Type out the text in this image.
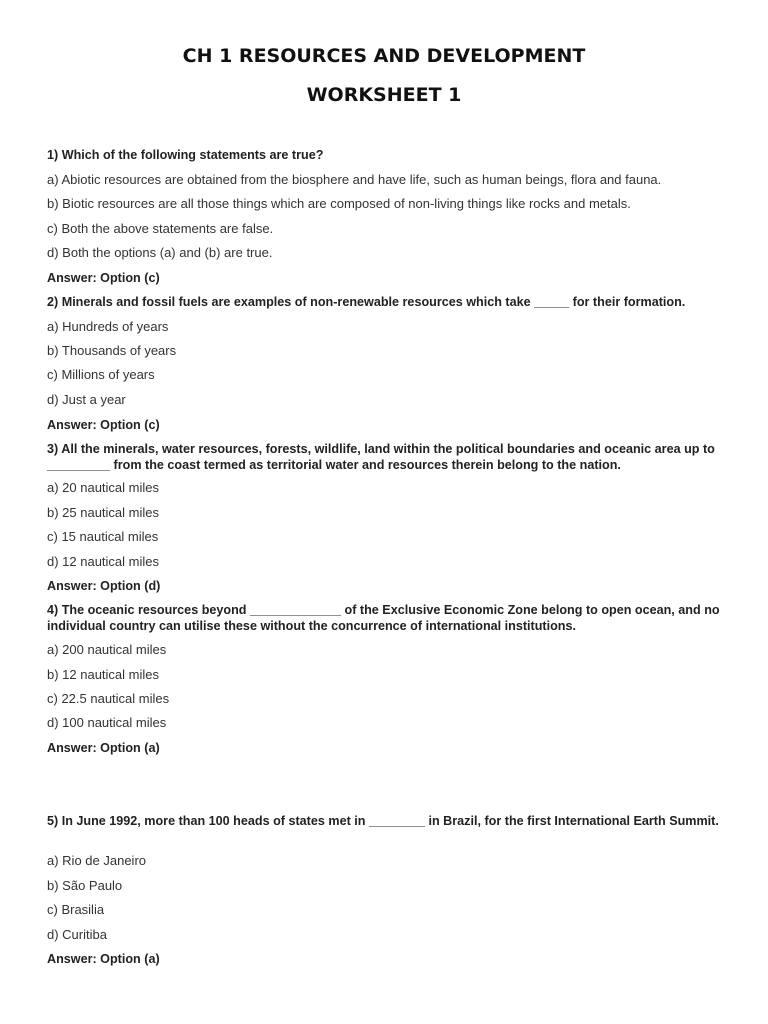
CH 1 RESOURCES AND DEVELOPMENT
WORKSHEET 1
1) Which of the following statements are true?
a) Abiotic resources are obtained from the biosphere and have life, such as human beings, flora and fauna.
b) Biotic resources are all those things which are composed of non-living things like rocks and metals.
c) Both the above statements are false.
d) Both the options (a) and (b) are true.
Answer: Option (c)
2) Minerals and fossil fuels are examples of non-renewable resources which take _____ for their formation.
a) Hundreds of years
b) Thousands of years
c) Millions of years
d) Just a year
Answer: Option (c)
3) All the minerals, water resources, forests, wildlife, land within the political boundaries and oceanic area up to _________ from the coast termed as territorial water and resources therein belong to the nation.
a) 20 nautical miles
b) 25 nautical miles
c) 15 nautical miles
d) 12 nautical miles
Answer: Option (d)
4) The oceanic resources beyond _____________ of the Exclusive Economic Zone belong to open ocean, and no individual country can utilise these without the concurrence of international institutions.
a) 200 nautical miles
b) 12 nautical miles
c) 22.5 nautical miles
d) 100 nautical miles
Answer: Option (a)
5) In June 1992, more than 100 heads of states met in ________ in Brazil, for the first International Earth Summit.
a) Rio de Janeiro
b) São Paulo
c) Brasilia
d) Curitiba
Answer: Option (a)
